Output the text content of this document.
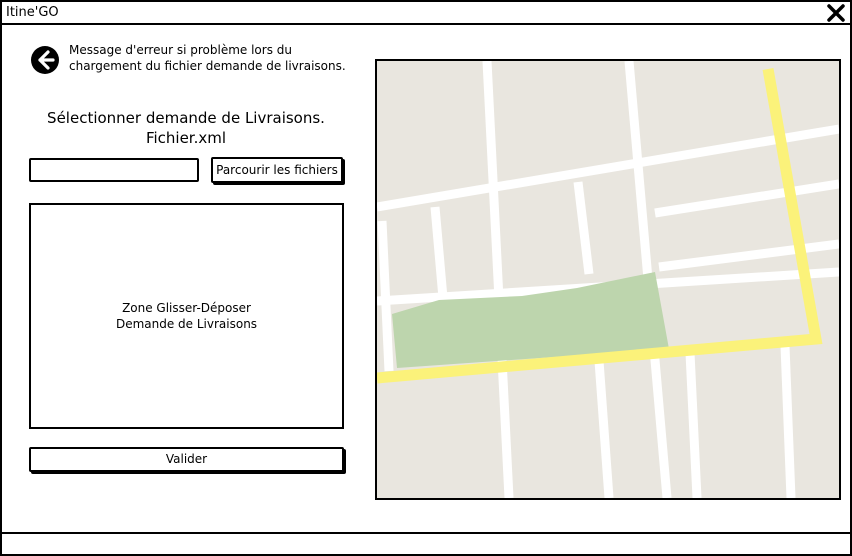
Itine'GO
Message d'erreur si problème lors du chargement du fichier demande de livraisons.
Sélectionner demande de Livraisons.
Fichier.xml
Parcourir les fichiers
Zone Glisser-Déposer
Demande de Livraisons
Valider
